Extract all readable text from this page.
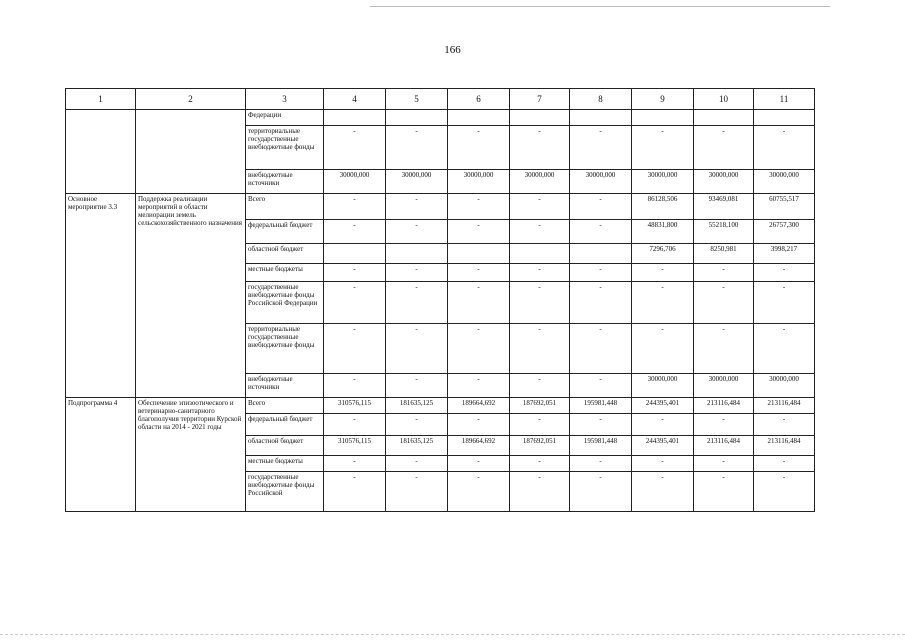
166
1	2	3	4	5	6	7	8	9	10	11
		Федерации								
		территориальные государственные внебюджетные фонды	-	-	-	-	-	-	-	-
		внебюджетные источники	30000,000	30000,000	30000,000	30000,000	30000,000	30000,000	30000,000	30000,000
Основное мероприятие 3.3	Поддержка реализации мероприятий в области мелиорации земель сельскохозяйственного назначения	Всего	-	-	-	-	-	86128,506	93469,081	60755,517
		федеральный бюджет	-	-	-	-	-	48831,800	55218,100	26757,300
		областной бюджет						7296,706	8250,981	3998,217
		местные бюджеты	-	-	-	-	-	-	-	-
		государственные внебюджетные фонды Российской Федерации	-	-	-	-	-	-	-	-
		территориальные государственные внебюджетные фонды	-	-	-	-	-	-	-	-
		внебюджетные источники	-	-	-	-	-	30000,000	30000,000	30000,000
Подпрограмма 4	Обеспечение эпизоотического и ветеринарно-санитарного благополучия территории Курской области на 2014 - 2021 годы	Всего	310576,115	181635,125	189664,692	187692,051	195981,448	244395,401	213116,484	213116,484
		федеральный бюджет	-	-	-	-	-	-	-	-
		областной бюджет	310576,115	181635,125	189664,692	187692,051	195981,448	244395,401	213116,484	213116,484
		местные бюджеты	-	-	-	-	-	-	-	-
		государственные внебюджетные фонды Российской	-	-	-	-	-	-	-	-
